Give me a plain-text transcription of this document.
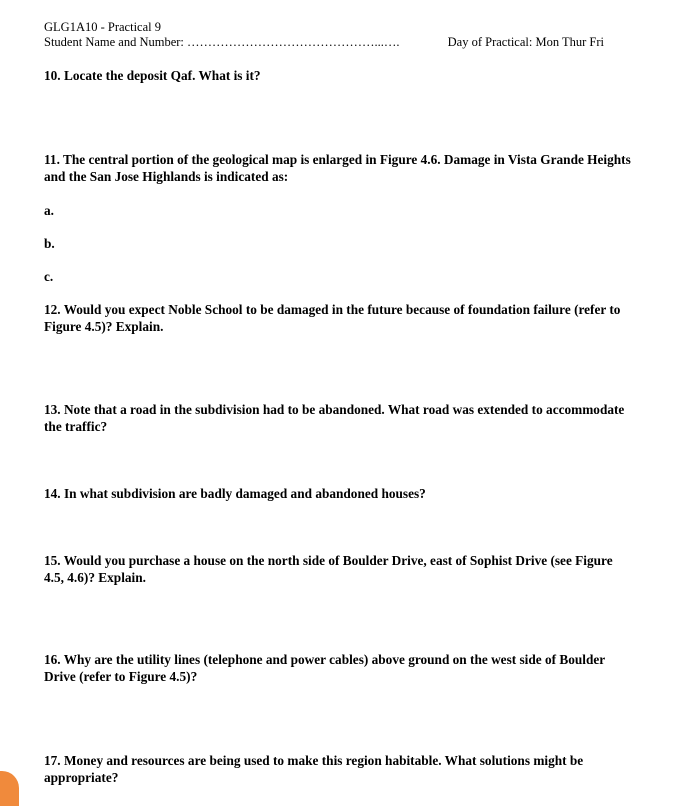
GLG1A10 - Practical 9
Student Name and Number: ………………………………………...….	Day of Practical: Mon Thur Fri

10. Locate the deposit Qaf. What is it?

11. The central portion of the geological map is enlarged in Figure 4.6. Damage in Vista Grande Heights and the San Jose Highlands is indicated as:

a.
b.
c.

12. Would you expect Noble School to be damaged in the future because of foundation failure (refer to Figure 4.5)? Explain.

13. Note that a road in the subdivision had to be abandoned. What road was extended to accommodate the traffic?

14. In what subdivision are badly damaged and abandoned houses?

15. Would you purchase a house on the north side of Boulder Drive, east of Sophist Drive (see Figure 4.5, 4.6)? Explain.

16. Why are the utility lines (telephone and power cables) above ground on the west side of Boulder Drive (refer to Figure 4.5)?

17. Money and resources are being used to make this region habitable. What solutions might be appropriate?
